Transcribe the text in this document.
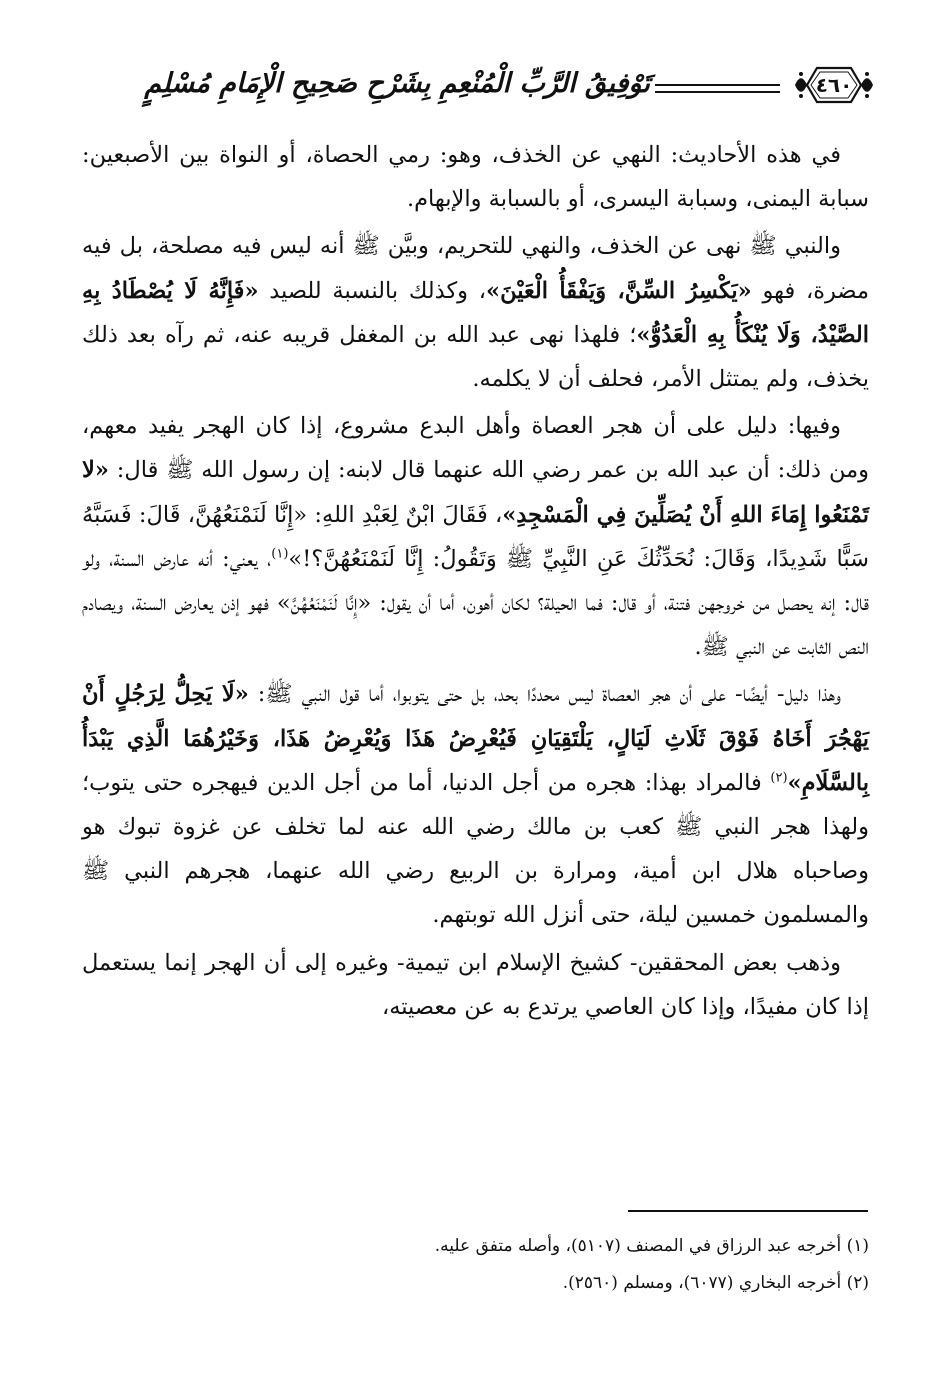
٤٦٠
تَوْفِيقُ الرَّبِّ الْمُنْعِمِ بِشَرْحِ صَحِيحِ الْإِمَامِ مُسْلِمٍ

في هذه الأحاديث: النهي عن الخذف، وهو: رمي الحصاة، أو النواة بين الأصبعين: سبابة اليمنى، وسبابة اليسرى، أو بالسبابة والإبهام.

والنبي ﷺ نهى عن الخذف، والنهي للتحريم، وبيَّن ﷺ أنه ليس فيه مصلحة، بل فيه مضرة، فهو «يَكْسِرُ السِّنَّ، وَيَفْقَأُ الْعَيْنَ»، وكذلك بالنسبة للصيد «فَإِنَّهُ لَا يُصْطَادُ بِهِ الصَّيْدُ، وَلَا يُنْكَأُ بِهِ الْعَدُوُّ»؛ فلهذا نهى عبد الله بن المغفل قريبه عنه، ثم رآه بعد ذلك يخذف، ولم يمتثل الأمر، فحلف أن لا يكلمه.

وفيها: دليل على أن هجر العصاة وأهل البدع مشروع، إذا كان الهجر يفيد معهم، ومن ذلك: أن عبد الله بن عمر رضي الله عنهما قال لابنه: إن رسول الله ﷺ قال: «لا تَمْنَعُوا إِمَاءَ اللهِ أَنْ يُصَلِّينَ فِي الْمَسْجِدِ»، فَقَالَ ابْنٌ لِعَبْدِ اللهِ: «إِنَّا لَنَمْنَعُهُنَّ، قَالَ: فَسَبَّهُ سَبًّا شَدِيدًا، وَقَالَ: نُحَدِّثُكَ عَنِ النَّبِيِّ ﷺ وَتَقُولُ: إِنَّا لَنَمْنَعُهُنَّ؟!»$^{(١)}$، يعني: أنه عارض السنة، ولو قال: إنه يحصل من خروجهن فتنة، أو قال: فما الحيلة؟ لكان أهون، أما أن يقول: «إِنَّا لَنَمْنَعُهُنَّ» فهو إذن يعارض السنة، ويصادم النص الثابت عن النبي ﷺ.

وهذا دليل- أيضًا- على أن هجر العصاة ليس محددًا بحد، بل حتى يتوبوا، أما قول النبي ﷺ: «لَا يَحِلُّ لِرَجُلٍ أَنْ يَهْجُرَ أَخَاهُ فَوْقَ ثَلَاثِ لَيَالٍ، يَلْتَقِيَانِ فَيُعْرِضُ هَذَا وَيُعْرِضُ هَذَا، وَخَيْرُهُمَا الَّذِي يَبْدَأُ بِالسَّلَامِ»$^{(٢)}$ فالمراد بهذا: هجره من أجل الدنيا، أما من أجل الدين فيهجره حتى يتوب؛ ولهذا هجر النبي ﷺ كعب بن مالك رضي الله عنه لما تخلف عن غزوة تبوك هو وصاحباه هلال ابن أمية، ومرارة بن الربيع رضي الله عنهما، هجرهم النبي ﷺ والمسلمون خمسين ليلة، حتى أنزل الله توبتهم.

وذهب بعض المحققين- كشيخ الإسلام ابن تيمية- وغيره إلى أن الهجر إنما يستعمل إذا كان مفيدًا، وإذا كان العاصي يرتدع به عن معصيته،

(١) أخرجه عبد الرزاق في المصنف (٥١٠٧)، وأصله متفق عليه.
(٢) أخرجه البخاري (٦٠٧٧)، ومسلم (٢٥٦٠).
